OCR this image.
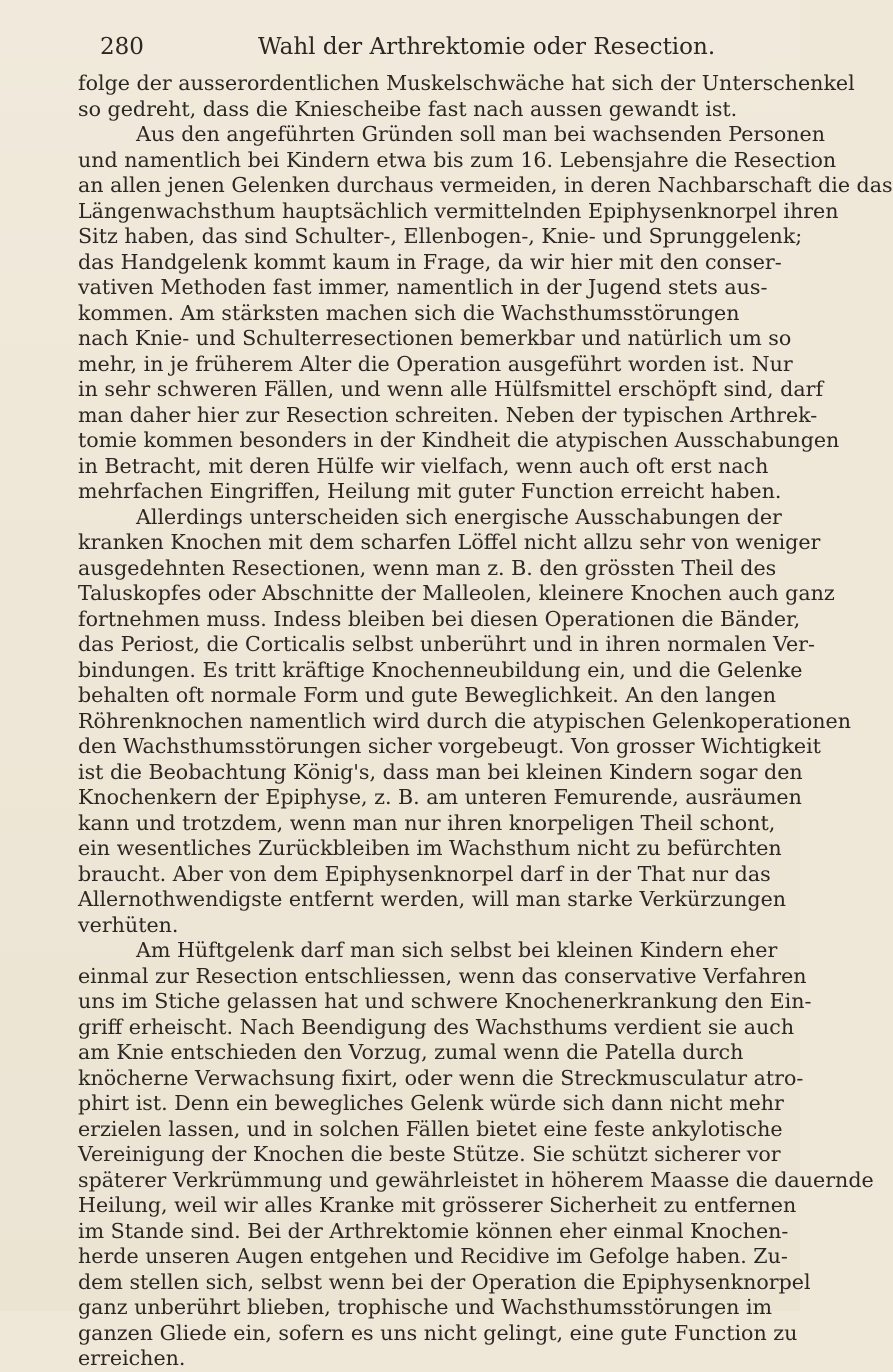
280	Wahl der Arthrektomie oder Resection.
folge der ausserordentlichen Muskelschwäche hat sich der Unterschenkel
so gedreht, dass die Kniescheibe fast nach aussen gewandt ist.
Aus den angeführten Gründen soll man bei wachsenden Personen
und namentlich bei Kindern etwa bis zum 16. Lebensjahre die Resection
an allen jenen Gelenken durchaus vermeiden, in deren Nachbarschaft die das
Längenwachsthum hauptsächlich vermittelnden Epiphysenknorpel ihren
Sitz haben, das sind Schulter-, Ellenbogen-, Knie- und Sprunggelenk;
das Handgelenk kommt kaum in Frage, da wir hier mit den conser-
vativen Methoden fast immer, namentlich in der Jugend stets aus-
kommen. Am stärksten machen sich die Wachsthumsstörungen
nach Knie- und Schulterresectionen bemerkbar und natürlich um so
mehr, in je früherem Alter die Operation ausgeführt worden ist. Nur
in sehr schweren Fällen, und wenn alle Hülfsmittel erschöpft sind, darf
man daher hier zur Resection schreiten. Neben der typischen Arthrek-
tomie kommen besonders in der Kindheit die atypischen Ausschabungen
in Betracht, mit deren Hülfe wir vielfach, wenn auch oft erst nach
mehrfachen Eingriffen, Heilung mit guter Function erreicht haben.
Allerdings unterscheiden sich energische Ausschabungen der
kranken Knochen mit dem scharfen Löffel nicht allzu sehr von weniger
ausgedehnten Resectionen, wenn man z. B. den grössten Theil des
Taluskopfes oder Abschnitte der Malleolen, kleinere Knochen auch ganz
fortnehmen muss. Indess bleiben bei diesen Operationen die Bänder,
das Periost, die Corticalis selbst unberührt und in ihren normalen Ver-
bindungen. Es tritt kräftige Knochenneubildung ein, und die Gelenke
behalten oft normale Form und gute Beweglichkeit. An den langen
Röhrenknochen namentlich wird durch die atypischen Gelenkoperationen
den Wachsthumsstörungen sicher vorgebeugt. Von grosser Wichtigkeit
ist die Beobachtung König's, dass man bei kleinen Kindern sogar den
Knochenkern der Epiphyse, z. B. am unteren Femurende, ausräumen
kann und trotzdem, wenn man nur ihren knorpeligen Theil schont,
ein wesentliches Zurückbleiben im Wachsthum nicht zu befürchten
braucht. Aber von dem Epiphysenknorpel darf in der That nur das
Allernothwendigste entfernt werden, will man starke Verkürzungen
verhüten.
Am Hüftgelenk darf man sich selbst bei kleinen Kindern eher
einmal zur Resection entschliessen, wenn das conservative Verfahren
uns im Stiche gelassen hat und schwere Knochenerkrankung den Ein-
griff erheischt. Nach Beendigung des Wachsthums verdient sie auch
am Knie entschieden den Vorzug, zumal wenn die Patella durch
knöcherne Verwachsung fixirt, oder wenn die Streckmusculatur atro-
phirt ist. Denn ein bewegliches Gelenk würde sich dann nicht mehr
erzielen lassen, und in solchen Fällen bietet eine feste ankylotische
Vereinigung der Knochen die beste Stütze. Sie schützt sicherer vor
späterer Verkrümmung und gewährleistet in höherem Maasse die dauernde
Heilung, weil wir alles Kranke mit grösserer Sicherheit zu entfernen
im Stande sind. Bei der Arthrektomie können eher einmal Knochen-
herde unseren Augen entgehen und Recidive im Gefolge haben. Zu-
dem stellen sich, selbst wenn bei der Operation die Epiphysenknorpel
ganz unberührt blieben, trophische und Wachsthumsstörungen im
ganzen Gliede ein, sofern es uns nicht gelingt, eine gute Function zu
erreichen.
